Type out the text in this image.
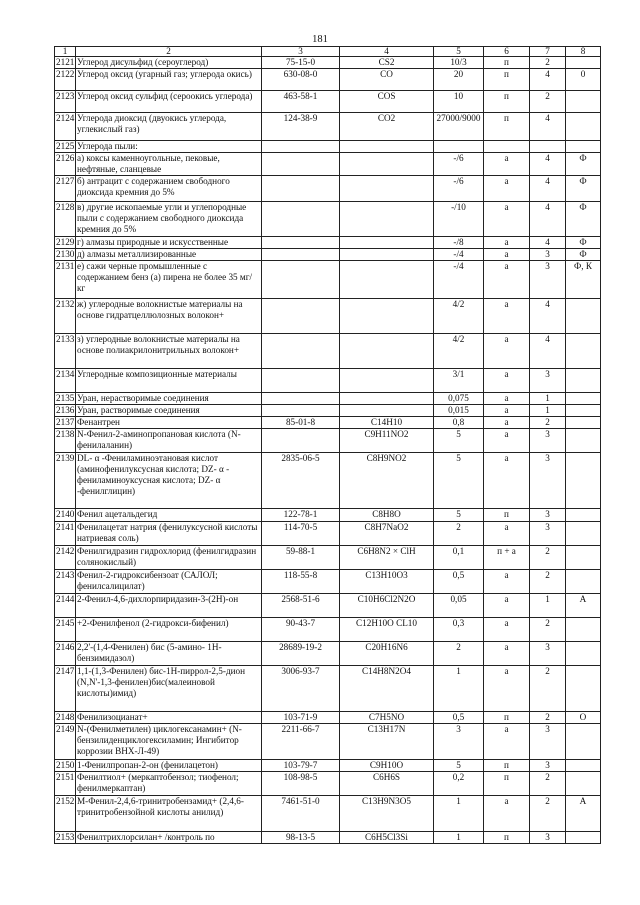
181
1	2	3	4	5	6	7	8
2121	Углерод дисульфид (сероуглерод)	75-15-0	CS2	10/3	п	2	
2122	Углерод оксид (угарный газ; углерода окись)	630-08-0	CO	20	п	4	0
2123	Углерод оксид сульфид (сероокись углерода)	463-58-1	COS	10	п	2	
2124	Углерода диоксид (двуокись углерода, углекислый газ)	124-38-9	CO2	27000/9000	п	4	
2125	Углерода пыли:						
2126	а) коксы каменноугольные, пековые, нефтяные, сланцевые			-/6	а	4	Ф
2127	б) антрацит с содержанием свободного диоксида кремния до 5%			-/6	а	4	Ф
2128	в) другие ископаемые угли и углепородные пыли с содержанием свободного диоксида кремния до 5%			-/10	а	4	Ф
2129	г) алмазы природные и искусственные			-/8	а	4	Ф
2130	д) алмазы металлизированные			-/4	а	3	Ф
2131	е) сажи черные промышленные с содержанием бенз (а) пирена не более 35 мг/кг			-/4	а	3	Ф, К
2132	ж) углеродные волокнистые материалы на основе гидратцеллюлозных волокон+			4/2	а	4	
2133	з) углеродные волокнистые материалы на основе полиакрилонитрильных волокон+			4/2	а	4	
2134	Углеродные композиционные материалы			3/1	а	3	
2135	Уран, нерастворимые соединения			0,075	а	1	
2136	Уран, растворимые соединения			0,015	а	1	
2137	Фенантрен	85-01-8	C14H10	0,8	а	2	
2138	N-Фенил-2-аминопропановая кислота (N-фенилаланин)		C9H11NO2	5	а	3	
2139	DL- α -Фениламиноэтановая кислот (аминофенилуксусная кислота; DZ- α - фениламиноуксусная кислота; DZ- α -фенилглицин)	2835-06-5	C8H9NO2	5	а	3	
2140	Фенил ацетальдегид	122-78-1	C8H8O	5	п	3	
2141	Фенилацетат натрия (фенилуксусной кислоты натриевая соль)	114-70-5	C8H7NaO2	2	а	3	
2142	Фенилгидразин гидрохлорид (фенилгидразин солянокислый)	59-88-1	C6H8N2 × ClH	0,1	п + а	2	
2143	Фенил-2-гидроксибензоат (САЛОЛ; фенилсалицилат)	118-55-8	C13H10O3	0,5	а	2	
2144	2-Фенил-4,6-дихлорпиридазин-3-(2Н)-он	2568-51-6	C10H6Cl2N2O	0,05	а	1	А
2145	+2-Фенилфенол (2-гидрокси-бифенил)	90-43-7	C12H10O CL10	0,3	а	2	
2146	2,2'-(1,4-Фенилен) бис (5-амино- 1Н-бензимидазол)	28689-19-2	C20H16N6	2	а	3	
2147	1,1-(1,3-Фенилен) бис-1Н-пиррол-2,5-дион (N,N'-1,3-фенилен)бис(малеиновой кислоты)имид)	3006-93-7	C14H8N2O4	1	а	2	
2148	Фенилизоцианат+	103-71-9	C7H5NO	0,5	п	2	О
2149	N-(Фенилметилен) циклогексанамин+ (N-бензилиденциклогексиламин; Ингибитор коррозии ВНХ-Л-49)	2211-66-7	C13H17N	3	а	3	
2150	1-Фенилпропан-2-он (фенилацетон)	103-79-7	C9H10O	5	п	3	
2151	Фенилтиол+ (меркаптобензол; тиофенол; фенилмеркаптан)	108-98-5	C6H6S	0,2	п	2	
2152	М-Фенил-2,4,6-тринитробензамид+ (2,4,6-тринитробензойной кислоты анилид)	7461-51-0	C13H9N3O5	1	а	2	А
2153	Фенилтрихлорсилан+ /контроль по	98-13-5	C6H5Cl3Si	1	п	3	
